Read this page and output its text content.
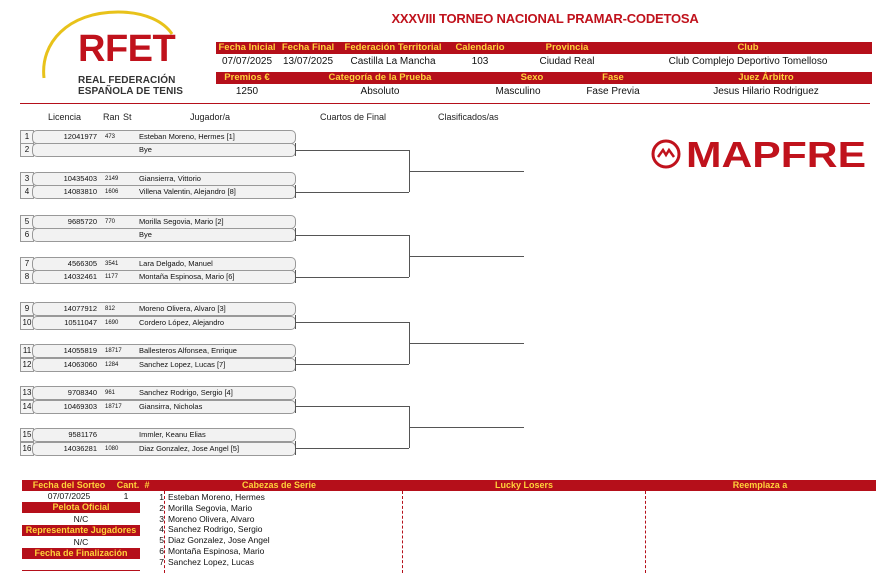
XXXVIII TORNEO NACIONAL PRAMAR-CODETOSA
RFET
REAL FEDERACIÓN
ESPAÑOLA DE TENIS
Fecha Inicial Fecha Final	Federación Territorial	Calendario	Provincia	Club
07/07/2025	13/07/2025	Castilla La Mancha	103	Ciudad Real	Club Complejo Deportivo Tomelloso
Premios €	Categoría de la Prueba	Sexo	Fase	Juez Árbitro
1250	Absoluto	Masculino	Fase Previa	Jesus Hilario Rodriguez
Licencia Ran St	Jugador/a	Cuartos de Final	Clasificados/as
1	12041977 473	Esteban Moreno, Hermes [1]
2	Bye
3	10435403 2149	Giansierra, Vittorio
4	14083810 1606	Villena Valentin, Alejandro [8]
5	9685720 770	Morilla Segovia, Mario [2]
6	Bye
7	4566305 3541	Lara Delgado, Manuel
8	14032461 1177	Montaña Espinosa, Mario [6]
9	14077912 812	Moreno Olivera, Alvaro [3]
10	10511047 1690	Cordero López, Alejandro
11	14055819 18717	Ballesteros Alfonsea, Enrique
12	14063060 1284	Sanchez Lopez, Lucas [7]
13	9708340 961	Sanchez Rodrigo, Sergio [4]
14	10469303 18717	Giansirra, Nicholas
15	9581176	Immler, Keanu Elias
16	14036281 1080	Diaz Gonzalez, Jose Angel [5]
MAPFRE
Fecha del Sorteo	Cant. #	Cabezas de Serie	Lucky Losers	Reemplaza a
07/07/2025	1
Pelota Oficial
N/C
Representante Jugadores
N/C
Fecha de Finalización
1 Esteban Moreno, Hermes
2 Morilla Segovia, Mario
3 Moreno Olivera, Alvaro
4 Sanchez Rodrigo, Sergio
5 Diaz Gonzalez, Jose Angel
6 Montaña Espinosa, Mario
7 Sanchez Lopez, Lucas
